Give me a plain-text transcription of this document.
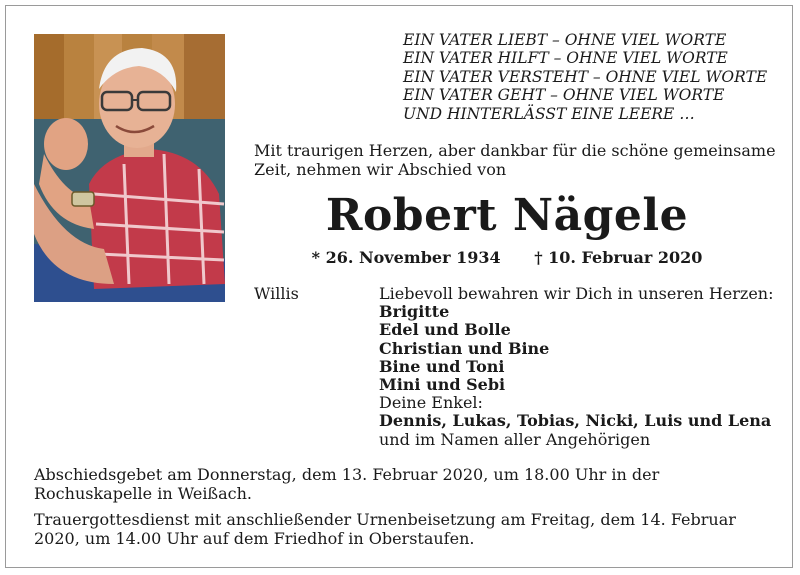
EIN VATER LIEBT – OHNE VIEL WORTE
EIN VATER HILFT – OHNE VIEL WORTE
EIN VATER VERSTEHT – OHNE VIEL WORTE
EIN VATER GEHT – OHNE VIEL WORTE
UND HINTERLÄSST EINE LEERE …
Mit traurigen Herzen, aber dankbar für die schöne gemeinsame
Zeit, nehmen wir Abschied von
Robert Nägele
* 26. November 1934 † 10. Februar 2020
Willis	Liebevoll bewahren wir Dich in unseren Herzen:
Brigitte
Edel und Bolle
Christian und Bine
Bine und Toni
Mini und Sebi
Deine Enkel:
Dennis, Lukas, Tobias, Nicki, Luis und Lena
und im Namen aller Angehörigen
Abschiedsgebet am Donnerstag, dem 13. Februar 2020, um 18.00 Uhr in der Rochuskapelle in Weißach.
Trauergottesdienst mit anschließender Urnenbeisetzung am Freitag, dem 14. Februar 2020, um 14.00 Uhr auf dem Friedhof in Oberstaufen.
